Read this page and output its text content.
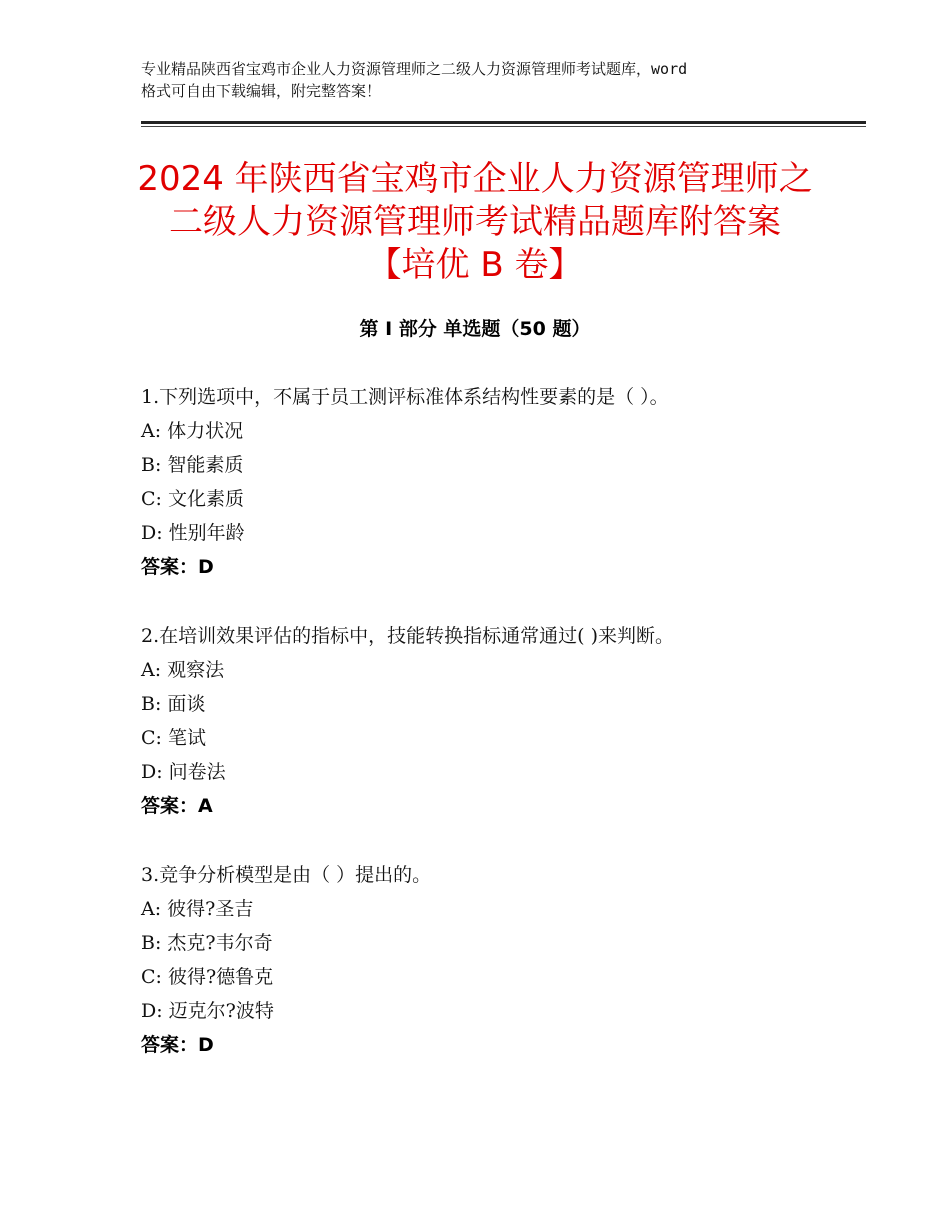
专业精品陕西省宝鸡市企业人力资源管理师之二级人力资源管理师考试题库，word
格式可自由下载编辑，附完整答案！
2024 年陕西省宝鸡市企业人力资源管理师之
二级人力资源管理师考试精品题库附答案
【培优 B 卷】
第 I 部分 单选题（50 题）
1.下列选项中，不属于员工测评标准体系结构性要素的是（ ）。
A: 体力状况
B: 智能素质
C: 文化素质
D: 性别年龄
答案：D
2.在培训效果评估的指标中，技能转换指标通常通过( )来判断。
A: 观察法
B: 面谈
C: 笔试
D: 问卷法
答案：A
3.竞争分析模型是由（ ）提出的。
A: 彼得?圣吉
B: 杰克?韦尔奇
C: 彼得?德鲁克
D: 迈克尔?波特
答案：D
